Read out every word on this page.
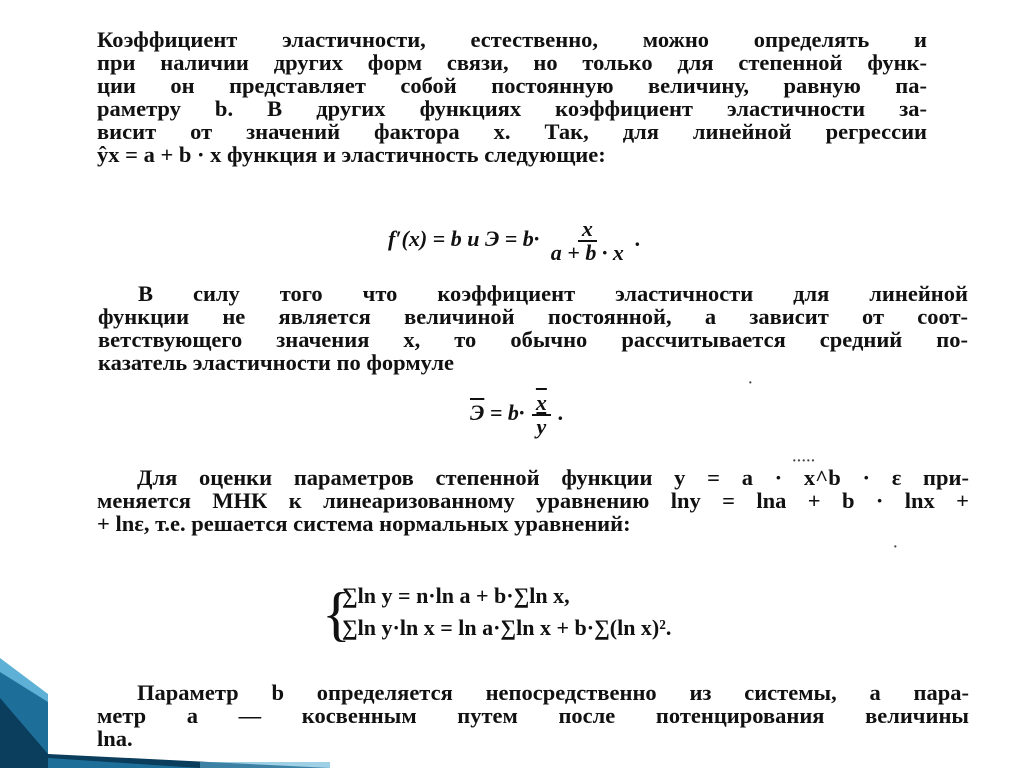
Коэффициент эластичности, естественно, можно определять и
при наличии других форм связи, но только для степенной функ-
ции он представляет собой постоянную величину, равную па-
раметру b. В других функциях коэффициент эластичности за-
висит от значений фактора x. Так, для линейной регрессии
ŷx = a + b · x функция и эластичность следующие:
f′(x) = b и $Э = b\cdot \frac{x}{a + b \cdot x}$ .
В силу того что коэффициент эластичности для линейной
функции не является величиной постоянной, а зависит от соот-
ветствующего значения x, то обычно рассчитывается средний по-
казатель эластичности по формуле
$Э = b\cdot \frac{\overline{x}}{y}$ .
Для оценки параметров степенной функции y = a · x^b · ε при-
меняется МНК к линеаризованному уравнению lny = lna + b · lnx +
+ lnε, т.е. решается система нормальных уравнений:
·····
·
·
{
∑ln y = n·ln a + b·∑ln x,
∑ln y·ln x = ln a·∑ln x + b·∑(ln x)².
Параметр b определяется непосредственно из системы, а пара-
метр a — косвенным путем после потенцирования величины
lna.
